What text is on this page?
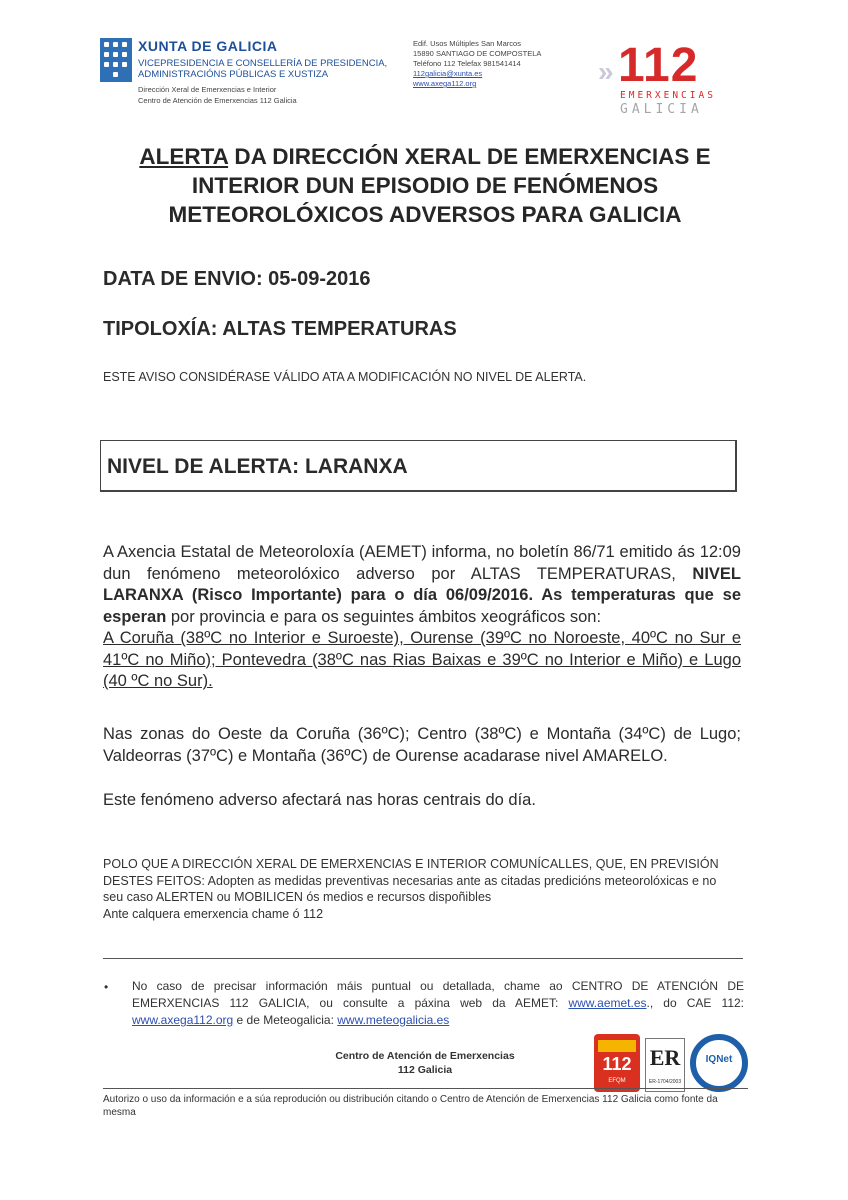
XUNTA DE GALICIA
VICEPRESIDENCIA E CONSELLERÍA DE PRESIDENCIA,
ADMINISTRACIÓNS PÚBLICAS E XUSTIZA
Dirección Xeral de Emerxencias e Interior
Centro de Atención de Emerxencias 112 Galicia
Edif. Usos Múltiples San Marcos
15890 SANTIAGO DE COMPOSTELA
Teléfono 112 Telefax 981541414
112galicia@xunta.es
www.axega112.org	» 112
EMERXENCIAS
GALICIA
ALERTA DA DIRECCIÓN XERAL DE EMERXENCIAS E
INTERIOR DUN EPISODIO DE FENÓMENOS
METEOROLÓXICOS ADVERSOS PARA GALICIA
DATA DE ENVIO: 05-09-2016
TIPOLOXÍA: ALTAS TEMPERATURAS
ESTE AVISO CONSIDÉRASE VÁLIDO ATA A MODIFICACIÓN NO NIVEL DE ALERTA.
NIVEL DE ALERTA: LARANXA
A Axencia Estatal de Meteoroloxía (AEMET) informa, no boletín 86/71 emitido ás 12:09 dun fenómeno meteorolóxico adverso por ALTAS TEMPERATURAS, NIVEL LARANXA (Risco Importante) para o día 06/09/2016. As temperaturas que se esperan por provincia e para os seguintes ámbitos xeográficos son:
A Coruña (38ºC no Interior e Suroeste), Ourense (39ºC no Noroeste, 40ºC no Sur e 41ºC no Miño); Pontevedra (38ºC nas Rias Baixas e 39ºC no Interior e Miño) e Lugo (40 ºC no Sur).
Nas zonas do Oeste da Coruña (36ºC); Centro (38ºC) e Montaña (34ºC) de Lugo; Valdeorras (37ºC) e Montaña (36ºC) de Ourense acadarase nivel AMARELO.
Este fenómeno adverso afectará nas horas centrais do día.
POLO QUE A DIRECCIÓN XERAL DE EMERXENCIAS E INTERIOR COMUNÍCALLES, QUE, EN PREVISIÓN
DESTES FEITOS: Adopten as medidas preventivas necesarias ante as citadas predicións meteorolóxicas e no
seu caso ALERTEN ou MOBILICEN ós medios e recursos dispoñibles
Ante calquera emerxencia chame ó 112
• No caso de precisar información máis puntual ou detallada, chame ao CENTRO DE ATENCIÓN DE EMERXENCIAS 112 GALICIA, ou consulte a páxina web da AEMET: www.aemet.es., do CAE 112: www.axega112.org e de Meteogalicia: www.meteogalicia.es
Centro de Atención de Emerxencias
112 Galicia	112
EFQM
ER
ER-1704/2003
IQNet
Autorizo o uso da información e a súa reprodución ou distribución citando o Centro de Atención de Emerxencias 112 Galicia como fonte da mesma
